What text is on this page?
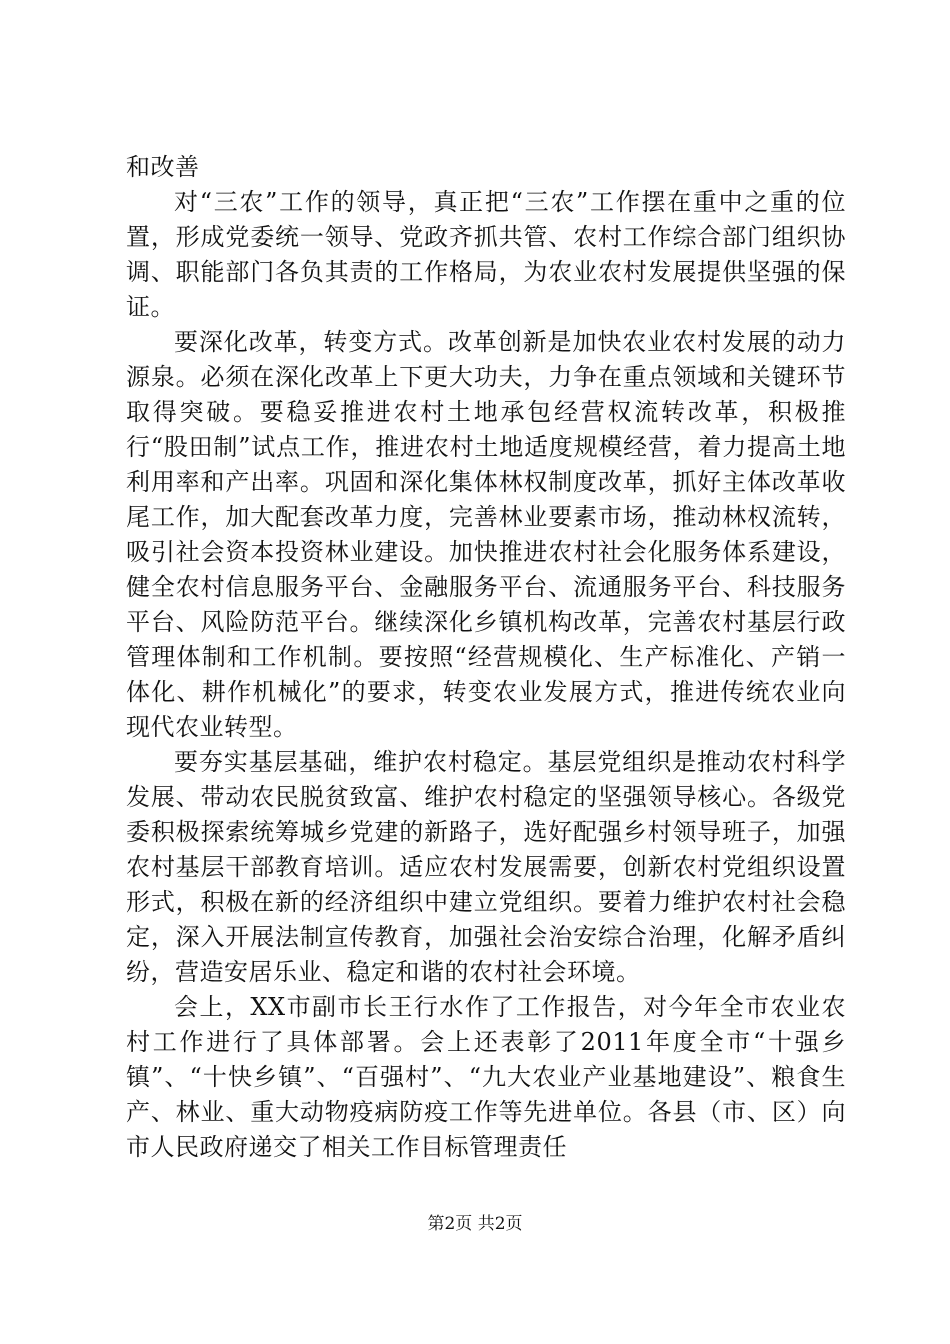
和改善

对“三农”工作的领导，真正把“三农”工作摆在重中之重的位置，形成党委统一领导、党政齐抓共管、农村工作综合部门组织协调、职能部门各负其责的工作格局，为农业农村发展提供坚强的保证。

要深化改革，转变方式。改革创新是加快农业农村发展的动力源泉。必须在深化改革上下更大功夫，力争在重点领域和关键环节取得突破。要稳妥推进农村土地承包经营权流转改革，积极推行“股田制”试点工作，推进农村土地适度规模经营，着力提高土地利用率和产出率。巩固和深化集体林权制度改革，抓好主体改革收尾工作，加大配套改革力度，完善林业要素市场，推动林权流转，吸引社会资本投资林业建设。加快推进农村社会化服务体系建设，健全农村信息服务平台、金融服务平台、流通服务平台、科技服务平台、风险防范平台。继续深化乡镇机构改革，完善农村基层行政管理体制和工作机制。要按照“经营规模化、生产标准化、产销一体化、耕作机械化”的要求，转变农业发展方式，推进传统农业向现代农业转型。

要夯实基层基础，维护农村稳定。基层党组织是推动农村科学发展、带动农民脱贫致富、维护农村稳定的坚强领导核心。各级党委积极探索统筹城乡党建的新路子，选好配强乡村领导班子，加强农村基层干部教育培训。适应农村发展需要，创新农村党组织设置形式，积极在新的经济组织中建立党组织。要着力维护农村社会稳定，深入开展法制宣传教育，加强社会治安综合治理，化解矛盾纠纷，营造安居乐业、稳定和谐的农村社会环境。

会上，XX市副市长王行水作了工作报告，对今年全市农业农村工作进行了具体部署。会上还表彰了2011年度全市“十强乡镇”、“十快乡镇”、“百强村”、“九大农业产业基地建设”、粮食生产、林业、重大动物疫病防疫工作等先进单位。各县（市、区）向市人民政府递交了相关工作目标管理责任

第2页 共2页
